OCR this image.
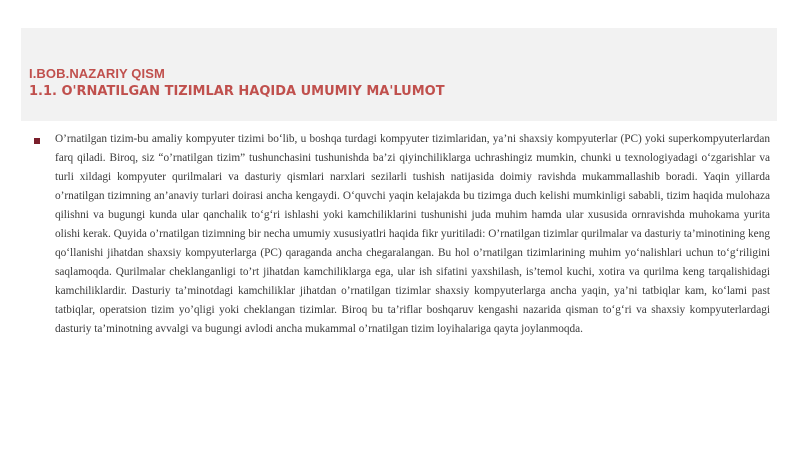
I.BOB.NAZARIY QISM
1.1. O'RNATILGAN TIZIMLAR HAQIDA UMUMIY MA'LUMOT

O’rnatilgan tizim-bu amaliy kompyuter tizimi bo‘lib, u boshqa turdagi kompyuter tizimlaridan, ya’ni shaxsiy kompyuterlar (PC) yoki superkompyuterlardan farq qiladi. Biroq, siz “o’rnatilgan tizim” tushunchasini tushunishda ba’zi qiyinchiliklarga uchrashingiz mumkin, chunki u texnologiyadagi o‘zgarishlar va turli xildagi kompyuter qurilmalari va dasturiy qismlari narxlari sezilarli tushish natijasida doimiy ravishda mukammallashib boradi. Yaqin yillarda o’rnatilgan tizimning an’anaviy turlari doirasi ancha kengaydi. O‘quvchi yaqin kelajakda bu tizimga duch kelishi mumkinligi sababli, tizim haqida mulohaza qilishni va bugungi kunda ular qanchalik to‘g‘ri ishlashi yoki kamchiliklarini tushunishi juda muhim hamda ular xususida ornravishda muhokama yurita olishi kerak. Quyida o’rnatilgan tizimning bir necha umumiy xususiyatlri haqida fikr yuritiladi: O’rnatilgan tizimlar qurilmalar va dasturiy ta’minotining keng qo‘llanishi jihatdan shaxsiy kompyuterlarga (PC) qaraganda ancha chegaralangan. Bu hol o’rnatilgan tizimlarining muhim yo‘nalishlari uchun to‘g‘riligini saqlamoqda. Qurilmalar cheklanganligi to’rt jihatdan kamchiliklarga ega, ular ish sifatini yaxshilash, is’temol kuchi, xotira va qurilma keng tarqalishidagi kamchiliklardir. Dasturiy ta’minotdagi kamchiliklar jihatdan o’rnatilgan tizimlar shaxsiy kompyuterlarga ancha yaqin, ya’ni tatbiqlar kam, ko‘lami past tatbiqlar, operatsion tizim yo’qligi yoki cheklangan tizimlar. Biroq bu ta’riflar boshqaruv kengashi nazarida qisman to‘g‘ri va shaxsiy kompyuterlardagi dasturiy ta’minotning avvalgi va bugungi avlodi ancha mukammal o’rnatilgan tizim loyihalariga qayta joylanmoqda.
